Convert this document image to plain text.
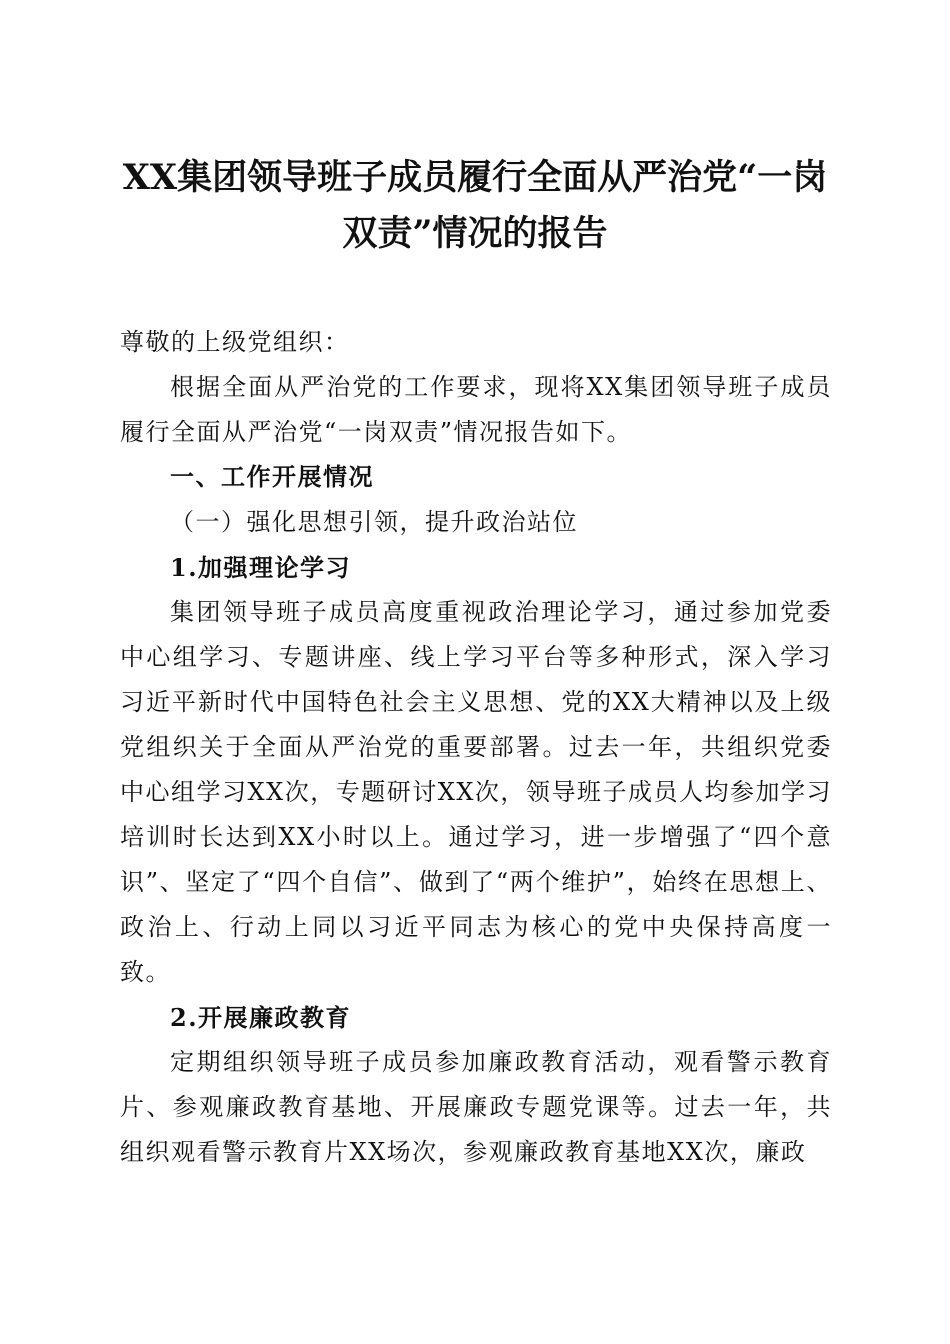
XX集团领导班子成员履行全面从严治党“一岗双责”情况的报告

尊敬的上级党组织：

根据全面从严治党的工作要求，现将XX集团领导班子成员履行全面从严治党“一岗双责”情况报告如下。

一、工作开展情况

（一）强化思想引领，提升政治站位

1.加强理论学习

集团领导班子成员高度重视政治理论学习，通过参加党委中心组学习、专题讲座、线上学习平台等多种形式，深入学习习近平新时代中国特色社会主义思想、党的XX大精神以及上级党组织关于全面从严治党的重要部署。过去一年，共组织党委中心组学习XX次，专题研讨XX次，领导班子成员人均参加学习培训时长达到XX小时以上。通过学习，进一步增强了“四个意识”、坚定了“四个自信”、做到了“两个维护”，始终在思想上、政治上、行动上同以习近平同志为核心的党中央保持高度一致。

2.开展廉政教育

定期组织领导班子成员参加廉政教育活动，观看警示教育片、参观廉政教育基地、开展廉政专题党课等。过去一年，共组织观看警示教育片XX场次，参观廉政教育基地XX次，廉政
